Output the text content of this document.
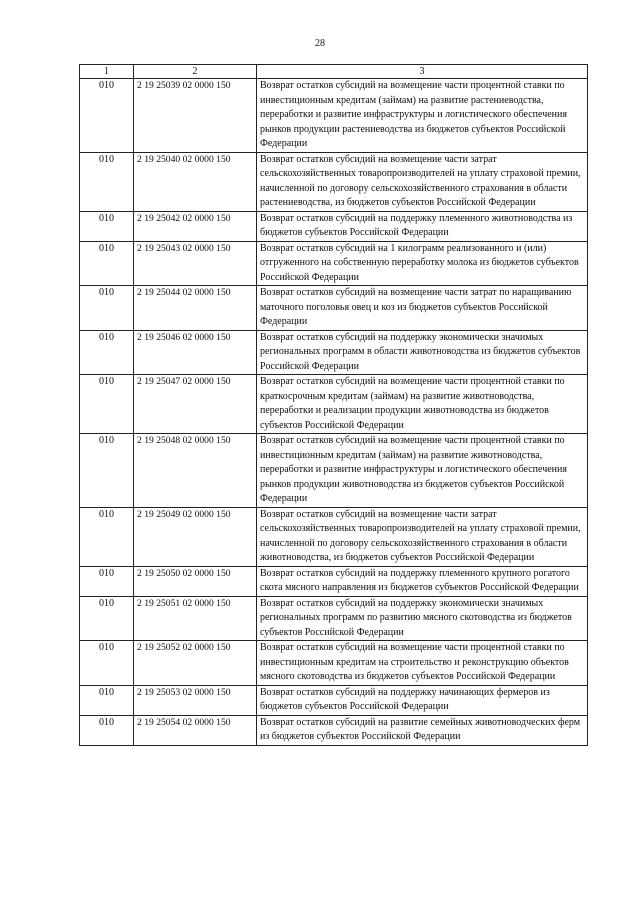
28
1	2	3
010	2 19 25039 02 0000 150	Возврат остатков субсидий на возмещение части процентной ставки по инвестиционным кредитам (займам) на развитие растениеводства, переработки и развитие инфраструктуры и логистического обеспечения рынков продукции растениеводства из бюджетов субъектов Российской Федерации
010	2 19 25040 02 0000 150	Возврат остатков субсидий на возмещение части затрат сельскохозяйственных товаропроизводителей на уплату страховой премии, начисленной по договору сельскохозяйственного страхования в области растениеводства, из бюджетов субъектов Российской Федерации
010	2 19 25042 02 0000 150	Возврат остатков субсидий на поддержку племенного животноводства из бюджетов субъектов Российской Федерации
010	2 19 25043 02 0000 150	Возврат остатков субсидий на 1 килограмм реализованного и (или) отгруженного на собственную переработку молока из бюджетов субъектов Российской Федерации
010	2 19 25044 02 0000 150	Возврат остатков субсидий на возмещение части затрат по наращиванию маточного поголовья овец и коз из бюджетов субъектов Российской Федерации
010	2 19 25046 02 0000 150	Возврат остатков субсидий на поддержку экономически значимых региональных программ в области животноводства из бюджетов субъектов Российской Федерации
010	2 19 25047 02 0000 150	Возврат остатков субсидий на возмещение части процентной ставки по краткосрочным кредитам (займам) на развитие животноводства, переработки и реализации продукции животноводства из бюджетов субъектов Российской Федерации
010	2 19 25048 02 0000 150	Возврат остатков субсидий на возмещение части процентной ставки по инвестиционным кредитам (займам) на развитие животноводства, переработки и развитие инфраструктуры и логистического обеспечения рынков продукции животноводства из бюджетов субъектов Российской Федерации
010	2 19 25049 02 0000 150	Возврат остатков субсидий на возмещение части затрат сельскохозяйственных товаропроизводителей на уплату страховой премии, начисленной по договору сельскохозяйственного страхования в области животноводства, из бюджетов субъектов Российской Федерации
010	2 19 25050 02 0000 150	Возврат остатков субсидий на поддержку племенного крупного рогатого скота мясного направления из бюджетов субъектов Российской Федерации
010	2 19 25051 02 0000 150	Возврат остатков субсидий на поддержку экономически значимых региональных программ по развитию мясного скотоводства из бюджетов субъектов Российской Федерации
010	2 19 25052 02 0000 150	Возврат остатков субсидий на возмещение части процентной ставки по инвестиционным кредитам на строительство и реконструкцию объектов мясного скотоводства из бюджетов субъектов Российской Федерации
010	2 19 25053 02 0000 150	Возврат остатков субсидий на поддержку начинающих фермеров из бюджетов субъектов Российской Федерации
010	2 19 25054 02 0000 150	Возврат остатков субсидий на развитие семейных животноводческих ферм из бюджетов субъектов Российской Федерации
